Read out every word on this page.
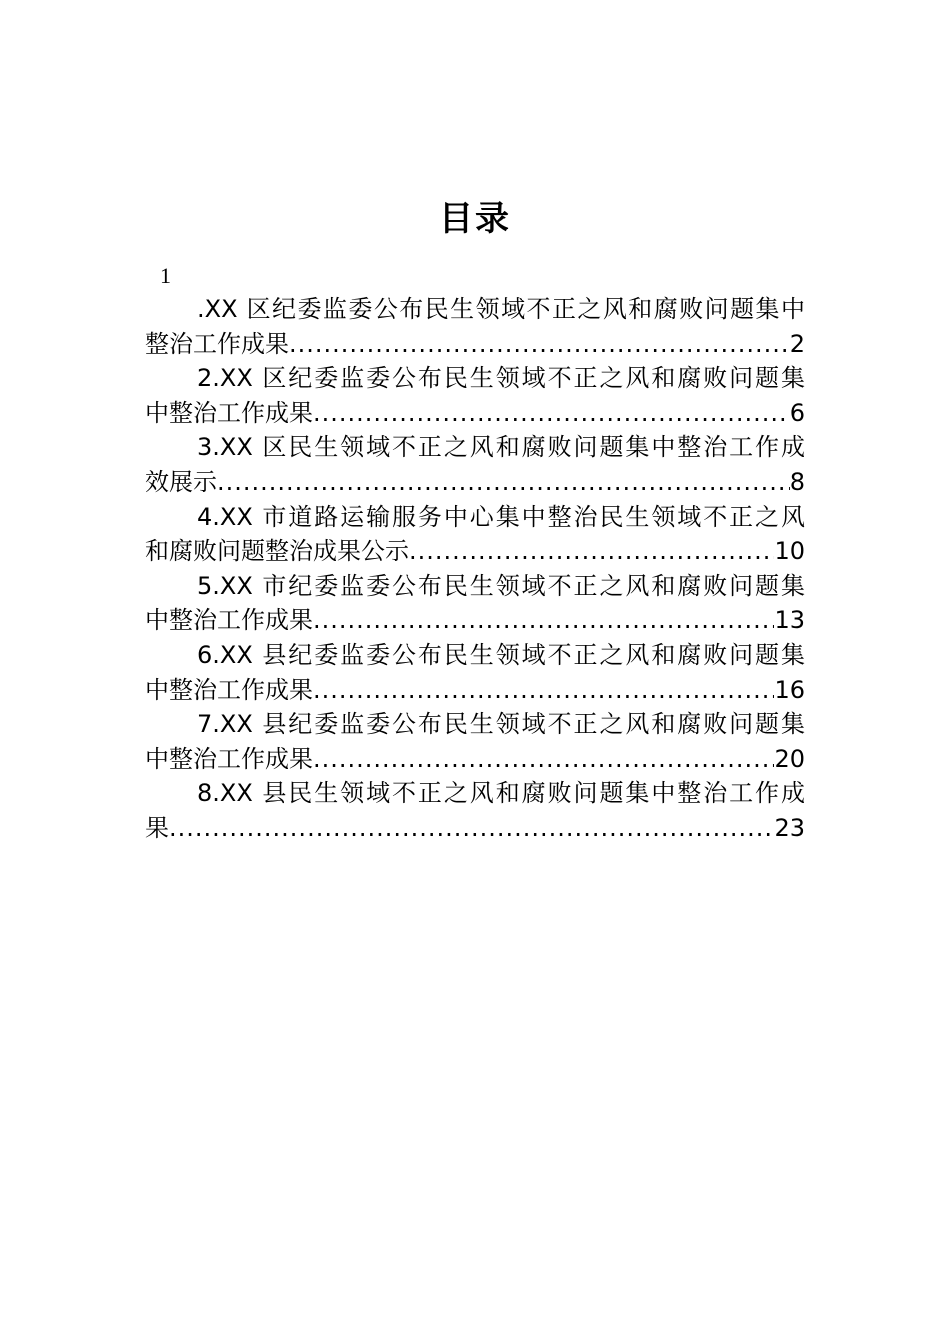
目录
1
.XX 区纪委监委公布民生领域不正之风和腐败问题集中
整治工作成果 .....	2
2.XX 区纪委监委公布民生领域不正之风和腐败问题集
中整治工作成果 .....	6
3.XX 区民生领域不正之风和腐败问题集中整治工作成
效展示 .....	8
4.XX 市道路运输服务中心集中整治民生领域不正之风
和腐败问题整治成果公示 .....	10
5.XX 市纪委监委公布民生领域不正之风和腐败问题集
中整治工作成果 .....	13
6.XX 县纪委监委公布民生领域不正之风和腐败问题集
中整治工作成果 .....	16
7.XX 县纪委监委公布民生领域不正之风和腐败问题集
中整治工作成果 .....	20
8.XX 县民生领域不正之风和腐败问题集中整治工作成
果 .....	23
